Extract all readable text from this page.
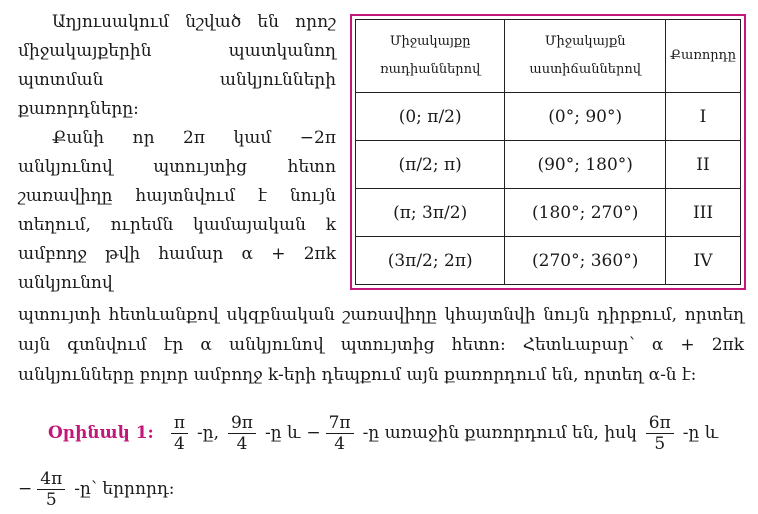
Աղյուսակում նշված են որոշ միջակայքերին պատկանող պտտման անկյունների քառորդները:

Քանի որ 2π կամ −2π անկյունով պտույտից հետո շառավիղը հայտնվում է նույն տեղում, ուրեմն կամայական k ամբողջ թվի համար α + 2πk անկյունով

Միջակայքը ռադիաններով	Միջակայքն աստիճաններով	Քառորդը
(0; π/2)	(0°; 90°)	I
(π/2; π)	(90°; 180°)	II
(π; 3π/2)	(180°; 270°)	III
(3π/2; 2π)	(270°; 360°)	IV

պտույտի հետևանքով սկզբնական շառավիղը կհայտնվի նույն դիրքում, որտեղ այն գտնվում էր α անկյունով պտույտից հետո: Հետևաբար՝ α + 2πk անկյունները բոլոր ամբողջ k-երի դեպքում այն քառորդում են, որտեղ α-ն է:

Օրինակ 1: $\frac{\pi}{4}$ -ը, $\frac{9\pi}{4}$ -ը և − $\frac{7\pi}{4}$ -ը առաջին քառորդում են, իսկ $\frac{6\pi}{5}$ -ը և
− $\frac{4\pi}{5}$ -ը՝ երրորդ:
